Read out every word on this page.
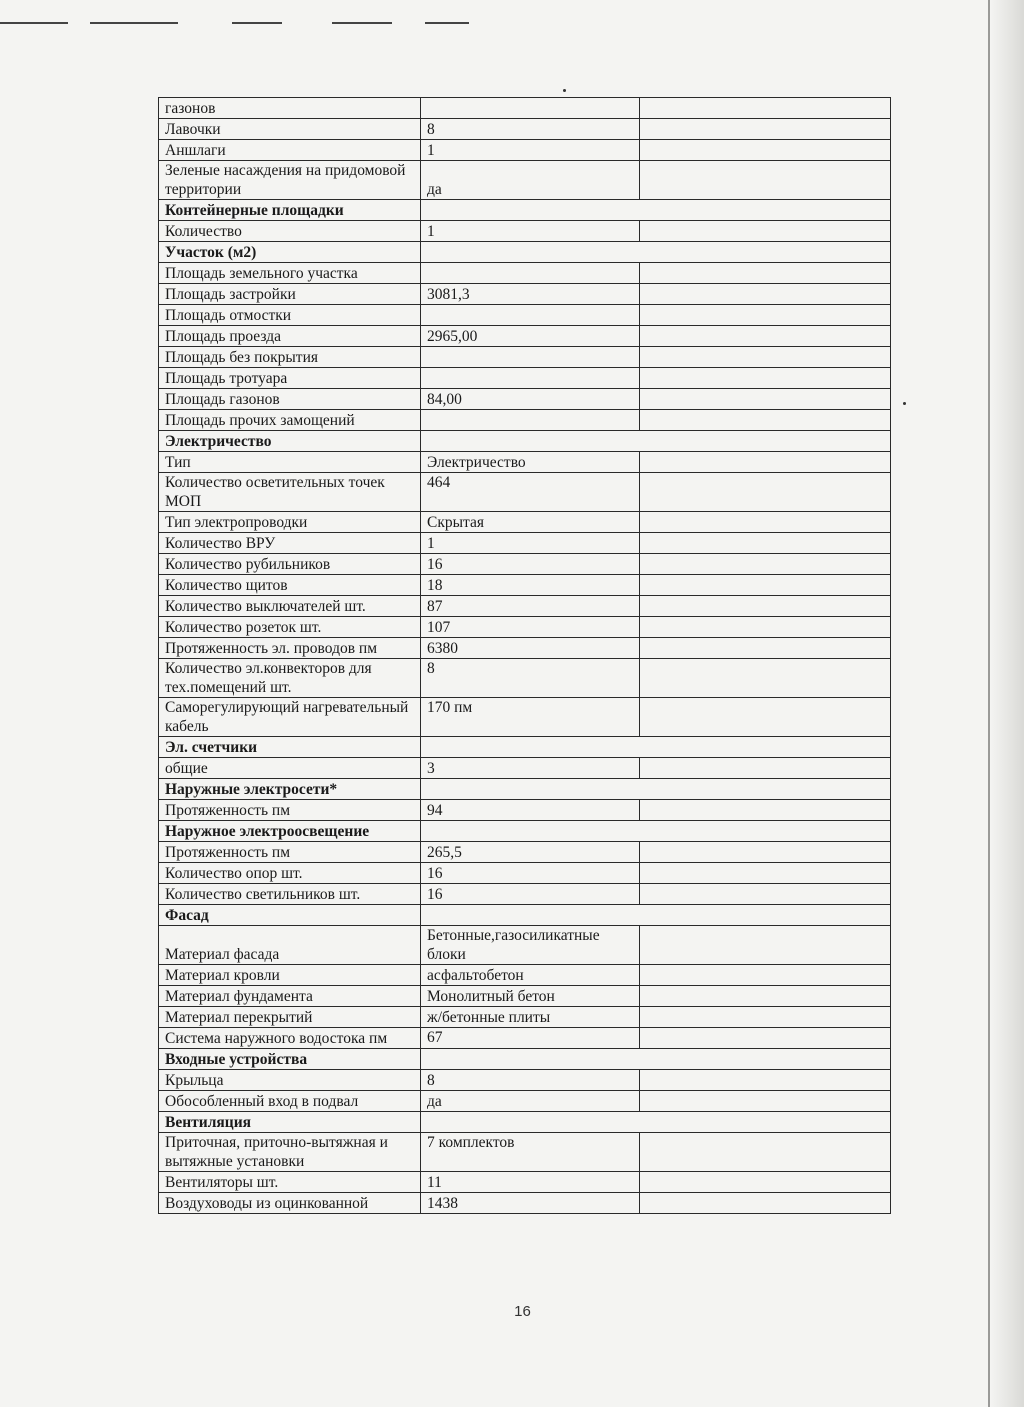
газонов		
Лавочки	8	
Аншлаги	1	
Зеленые насаждения на придомовой территории	да	
Контейнерные площадки		
Количество	1	
Участок (м2)		
Площадь земельного участка		
Площадь застройки	3081,3	
Площадь отмостки		
Площадь проезда	2965,00	
Площадь без покрытия		
Площадь тротуара		
Площадь газонов	84,00	
Площадь прочих замощений		
Электричество		
Тип	Электричество	
Количество осветительных точек МОП	464	
Тип электропроводки	Скрытая	
Количество ВРУ	1	
Количество рубильников	16	
Количество щитов	18	
Количество выключателей шт.	87	
Количество розеток шт.	107	
Протяженность эл. проводов пм	6380	
Количество эл.конвекторов для тех.помещений шт.	8	
Саморегулирующий нагревательный кабель	170 пм	
Эл. счетчики		
общие	3	
Наружные электросети*		
Протяженность пм	94	
Наружное электроосвещение		
Протяженность пм	265,5	
Количество опор шт.	16	
Количество светильников шт.	16	
Фасад		
Материал фасада	Бетонные,газосиликатные блоки	
Материал кровли	асфальтобетон	
Материал фундамента	Монолитный бетон	
Материал перекрытий	ж/бетонные плиты	
Система наружного водостока пм	67	
Входные устройства		
Крыльца	8	
Обособленный вход в подвал	да	
Вентиляция		
Приточная, приточно-вытяжная и вытяжные установки	7 комплектов	
Вентиляторы шт.	11	
Воздуховоды из оцинкованной	1438	
16
